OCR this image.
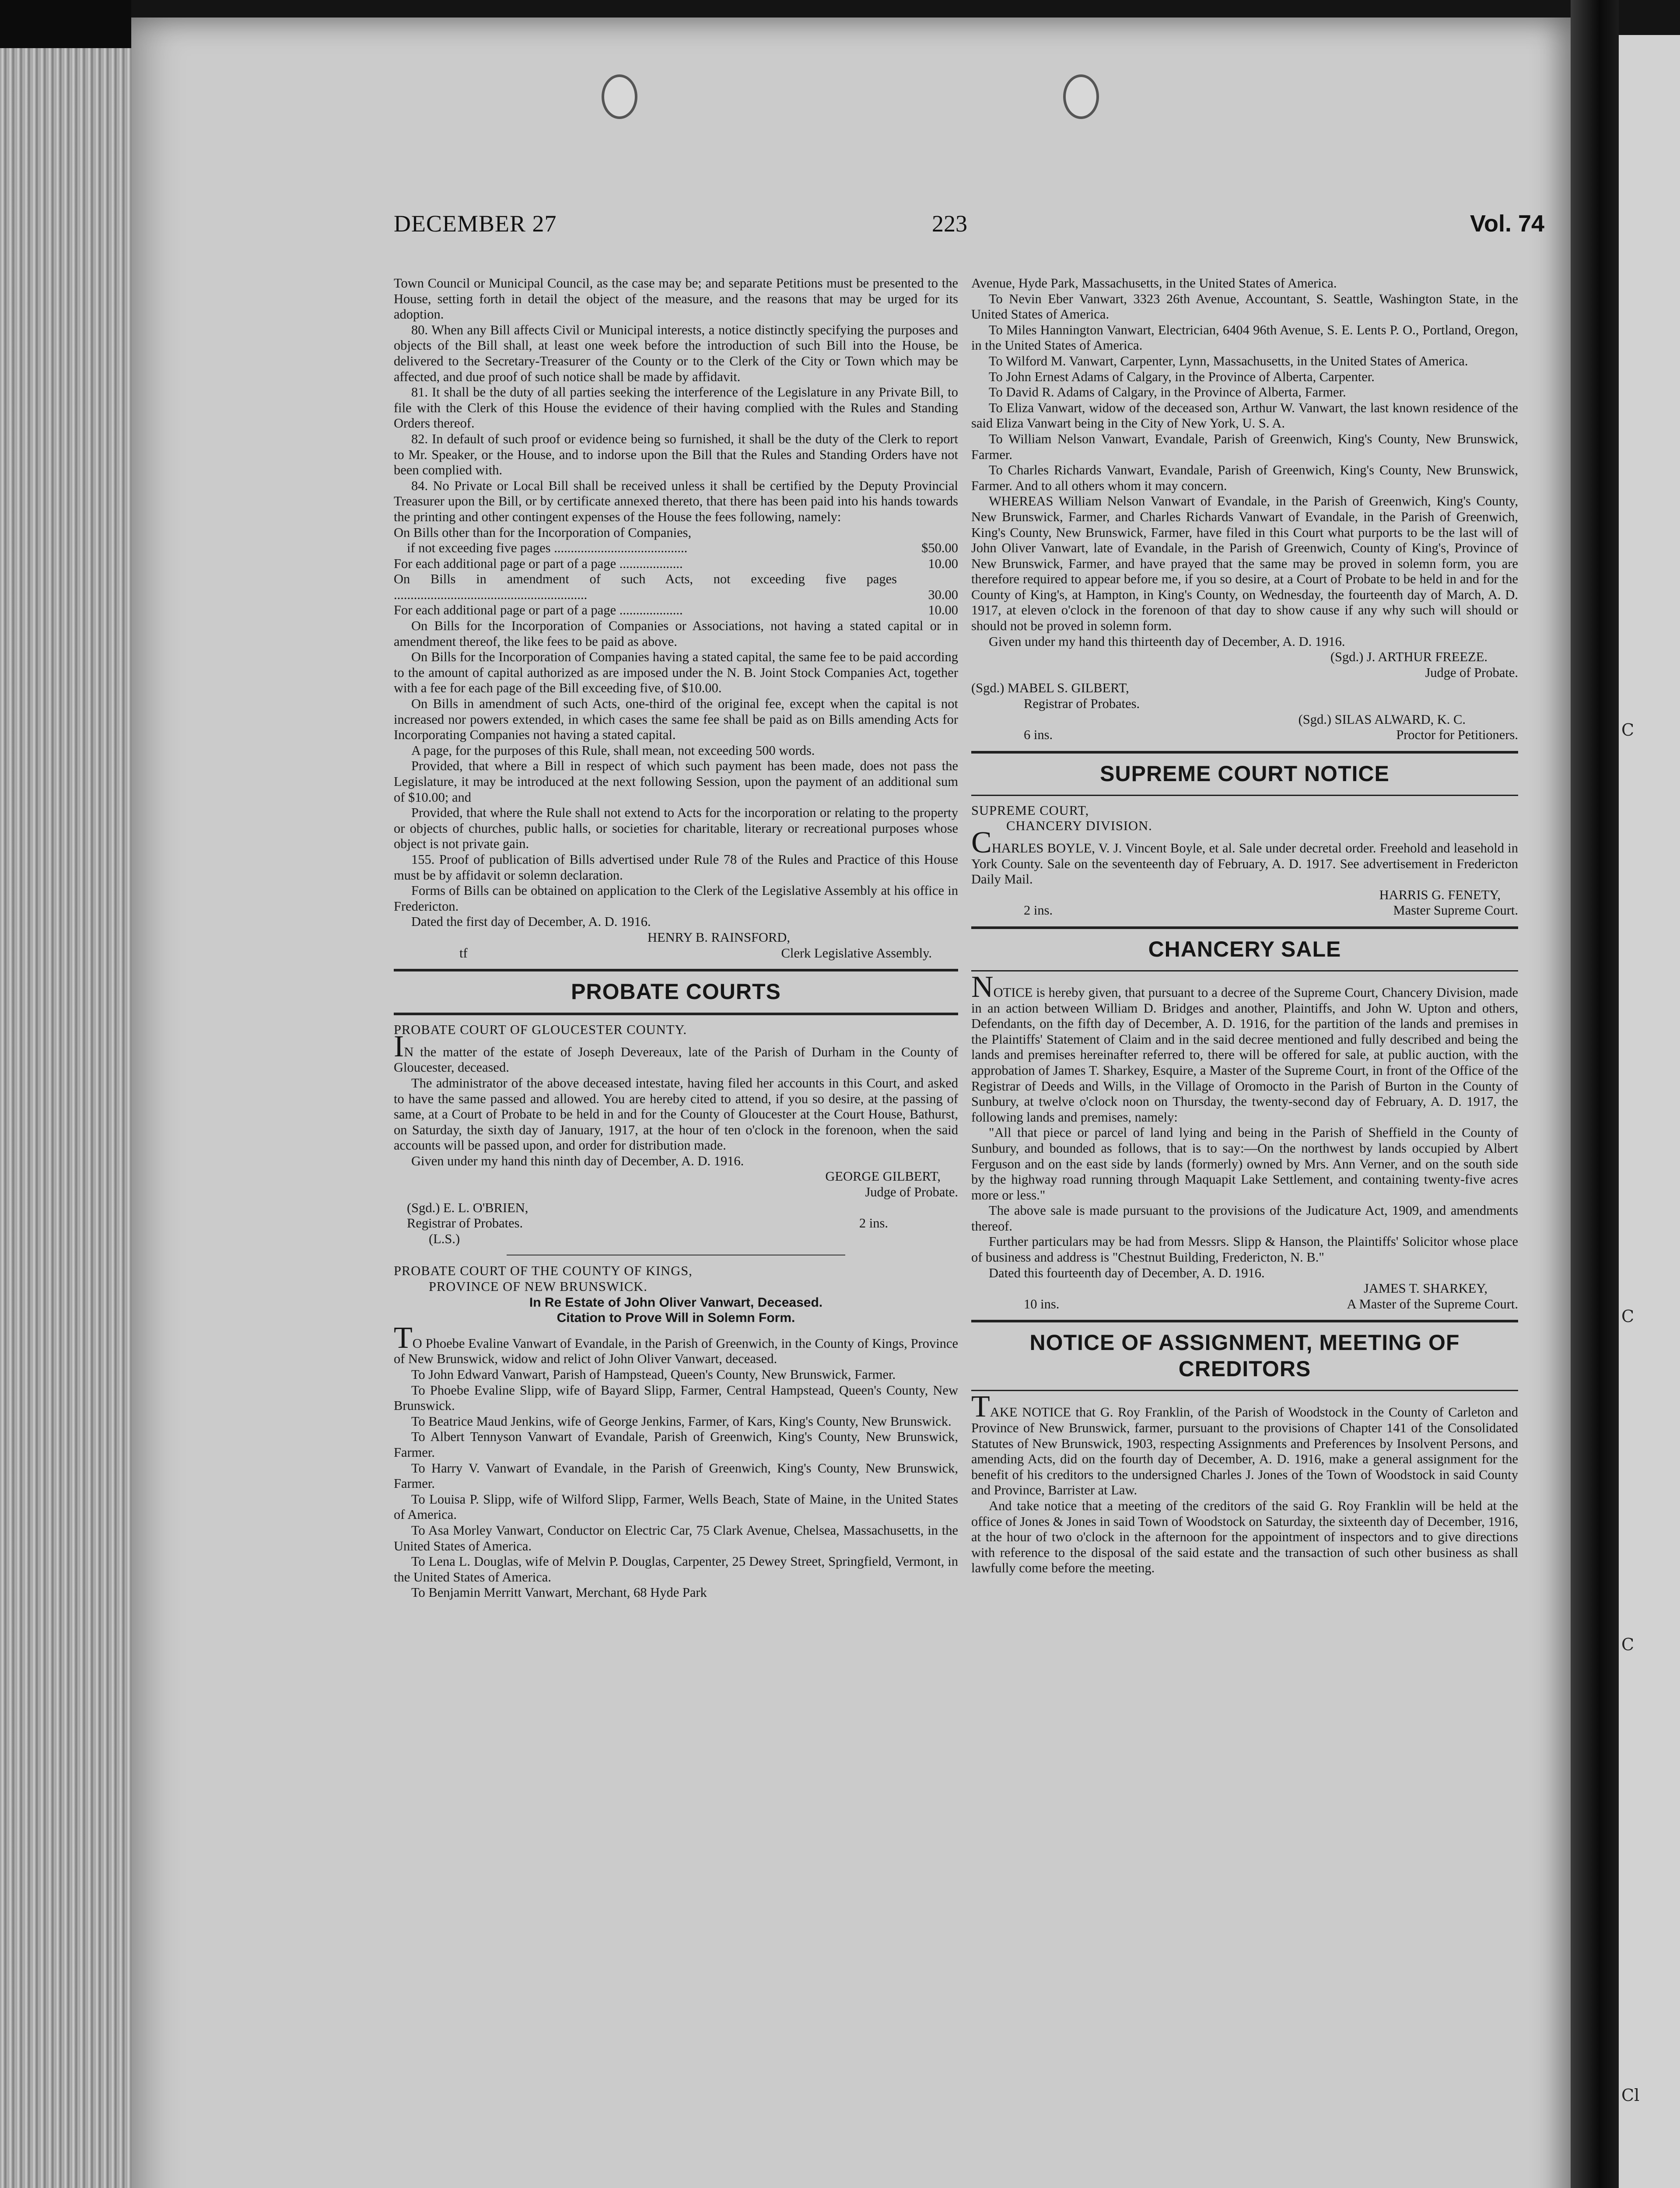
C
C
C
Cl
DECEMBER 27	223	Vol. 74

Town Council or Municipal Council, as the case may be; and separate Petitions must be presented to the House, setting forth in detail the object of the measure, and the reasons that may be urged for its adoption.

80. When any Bill affects Civil or Municipal interests, a notice distinctly specifying the purposes and objects of the Bill shall, at least one week before the introduction of such Bill into the House, be delivered to the Secretary-Treasurer of the County or to the Clerk of the City or Town which may be affected, and due proof of such notice shall be made by affidavit.

81. It shall be the duty of all parties seeking the interference of the Legislature in any Private Bill, to file with the Clerk of this House the evidence of their having complied with the Rules and Standing Orders thereof.

82. In default of such proof or evidence being so furnished, it shall be the duty of the Clerk to report to Mr. Speaker, or the House, and to indorse upon the Bill that the Rules and Standing Orders have not been complied with.

84. No Private or Local Bill shall be received unless it shall be certified by the Deputy Provincial Treasurer upon the Bill, or by certificate annexed thereto, that there has been paid into his hands towards the printing and other contingent expenses of the House the fees following, namely:

On Bills other than for the Incorporation of Companies,

if not exceeding five pages ........................................	$50.00
For each additional page or part of a page ...................	10.00
On Bills in amendment of such Acts, not exceeding five pages ..........................................................	30.00
For each additional page or part of a page ...................	10.00

On Bills for the Incorporation of Companies or Associations, not having a stated capital or in amendment thereof, the like fees to be paid as above.

On Bills for the Incorporation of Companies having a stated capital, the same fee to be paid according to the amount of capital authorized as are imposed under the N. B. Joint Stock Companies Act, together with a fee for each page of the Bill exceeding five, of $10.00.

On Bills in amendment of such Acts, one-third of the original fee, except when the capital is not increased nor powers extended, in which cases the same fee shall be paid as on Bills amending Acts for Incorporating Companies not having a stated capital.

A page, for the purposes of this Rule, shall mean, not exceeding 500 words.

Provided, that where a Bill in respect of which such payment has been made, does not pass the Legislature, it may be introduced at the next following Session, upon the payment of an additional sum of $10.00; and

Provided, that where the Rule shall not extend to Acts for the incorporation or relating to the property or objects of churches, public halls, or societies for charitable, literary or recreational purposes whose object is not private gain.

155. Proof of publication of Bills advertised under Rule 78 of the Rules and Practice of this House must be by affidavit or solemn declaration.

Forms of Bills can be obtained on application to the Clerk of the Legislative Assembly at his office in Fredericton.

Dated the first day of December, A. D. 1916.

HENRY B. RAINSFORD,

tf	Clerk Legislative Assembly.
PROBATE COURTS

PROBATE COURT OF GLOUCESTER COUNTY.

IN the matter of the estate of Joseph Devereaux, late of the Parish of Durham in the County of Gloucester, deceased.

The administrator of the above deceased intestate, having filed her accounts in this Court, and asked to have the same passed and allowed. You are hereby cited to attend, if you so desire, at the passing of same, at a Court of Probate to be held in and for the County of Gloucester at the Court House, Bathurst, on Saturday, the sixth day of January, 1917, at the hour of ten o'clock in the forenoon, when the said accounts will be passed upon, and order for distribution made.

Given under my hand this ninth day of December, A. D. 1916.

GEORGE GILBERT,

Judge of Probate.

(Sgd.) E. L. O'BRIEN,

Registrar of Probates.	2 ins.

(L.S.)

PROBATE COURT OF THE COUNTY OF KINGS,

PROVINCE OF NEW BRUNSWICK.

In Re Estate of John Oliver Vanwart, Deceased.

Citation to Prove Will in Solemn Form.

TO Phoebe Evaline Vanwart of Evandale, in the Parish of Greenwich, in the County of Kings, Province of New Brunswick, widow and relict of John Oliver Vanwart, deceased.

To John Edward Vanwart, Parish of Hampstead, Queen's County, New Brunswick, Farmer.

To Phoebe Evaline Slipp, wife of Bayard Slipp, Farmer, Central Hampstead, Queen's County, New Brunswick.

To Beatrice Maud Jenkins, wife of George Jenkins, Farmer, of Kars, King's County, New Brunswick.

To Albert Tennyson Vanwart of Evandale, Parish of Greenwich, King's County, New Brunswick, Farmer.

To Harry V. Vanwart of Evandale, in the Parish of Greenwich, King's County, New Brunswick, Farmer.

To Louisa P. Slipp, wife of Wilford Slipp, Farmer, Wells Beach, State of Maine, in the United States of America.

To Asa Morley Vanwart, Conductor on Electric Car, 75 Clark Avenue, Chelsea, Massachusetts, in the United States of America.

To Lena L. Douglas, wife of Melvin P. Douglas, Carpenter, 25 Dewey Street, Springfield, Vermont, in the United States of America.

To Benjamin Merritt Vanwart, Merchant, 68 Hyde Park

Avenue, Hyde Park, Massachusetts, in the United States of America.

To Nevin Eber Vanwart, 3323 26th Avenue, Accountant, S. Seattle, Washington State, in the United States of America.

To Miles Hannington Vanwart, Electrician, 6404 96th Avenue, S. E. Lents P. O., Portland, Oregon, in the United States of America.

To Wilford M. Vanwart, Carpenter, Lynn, Massachusetts, in the United States of America.

To John Ernest Adams of Calgary, in the Province of Alberta, Carpenter.

To David R. Adams of Calgary, in the Province of Alberta, Farmer.

To Eliza Vanwart, widow of the deceased son, Arthur W. Vanwart, the last known residence of the said Eliza Vanwart being in the City of New York, U. S. A.

To William Nelson Vanwart, Evandale, Parish of Greenwich, King's County, New Brunswick, Farmer.

To Charles Richards Vanwart, Evandale, Parish of Greenwich, King's County, New Brunswick, Farmer. And to all others whom it may concern.

WHEREAS William Nelson Vanwart of Evandale, in the Parish of Greenwich, King's County, New Brunswick, Farmer, and Charles Richards Vanwart of Evandale, in the Parish of Greenwich, King's County, New Brunswick, Farmer, have filed in this Court what purports to be the last will of John Oliver Vanwart, late of Evandale, in the Parish of Greenwich, County of King's, Province of New Brunswick, Farmer, and have prayed that the same may be proved in solemn form, you are therefore required to appear before me, if you so desire, at a Court of Probate to be held in and for the County of King's, at Hampton, in King's County, on Wednesday, the fourteenth day of March, A. D. 1917, at eleven o'clock in the forenoon of that day to show cause if any why such will should or should not be proved in solemn form.

Given under my hand this thirteenth day of December, A. D. 1916.

(Sgd.) J. ARTHUR FREEZE.

Judge of Probate.

(Sgd.) MABEL S. GILBERT,

Registrar of Probates.

(Sgd.) SILAS ALWARD, K. C.

6 ins.	Proctor for Petitioners.
SUPREME COURT NOTICE

SUPREME COURT,

CHANCERY DIVISION.

CHARLES BOYLE, V. J. Vincent Boyle, et al. Sale under decretal order. Freehold and leasehold in York County. Sale on the seventeenth day of February, A. D. 1917. See advertisement in Fredericton Daily Mail.

HARRIS G. FENETY,

2 ins.	Master Supreme Court.
CHANCERY SALE

NOTICE is hereby given, that pursuant to a decree of the Supreme Court, Chancery Division, made in an action between William D. Bridges and another, Plaintiffs, and John W. Upton and others, Defendants, on the fifth day of December, A. D. 1916, for the partition of the lands and premises in the Plaintiffs' Statement of Claim and in the said decree mentioned and fully described and being the lands and premises hereinafter referred to, there will be offered for sale, at public auction, with the approbation of James T. Sharkey, Esquire, a Master of the Supreme Court, in front of the Office of the Registrar of Deeds and Wills, in the Village of Oromocto in the Parish of Burton in the County of Sunbury, at twelve o'clock noon on Thursday, the twenty-second day of February, A. D. 1917, the following lands and premises, namely:

"All that piece or parcel of land lying and being in the Parish of Sheffield in the County of Sunbury, and bounded as follows, that is to say:—On the northwest by lands occupied by Albert Ferguson and on the east side by lands (formerly) owned by Mrs. Ann Verner, and on the south side by the highway road running through Maquapit Lake Settlement, and containing twenty-five acres more or less."

The above sale is made pursuant to the provisions of the Judicature Act, 1909, and amendments thereof.

Further particulars may be had from Messrs. Slipp & Hanson, the Plaintiffs' Solicitor whose place of business and address is "Chestnut Building, Fredericton, N. B."

Dated this fourteenth day of December, A. D. 1916.

JAMES T. SHARKEY,

10 ins.	A Master of the Supreme Court.
NOTICE OF ASSIGNMENT, MEETING OF CREDITORS

TAKE NOTICE that G. Roy Franklin, of the Parish of Woodstock in the County of Carleton and Province of New Brunswick, farmer, pursuant to the provisions of Chapter 141 of the Consolidated Statutes of New Brunswick, 1903, respecting Assignments and Preferences by Insolvent Persons, and amending Acts, did on the fourth day of December, A. D. 1916, make a general assignment for the benefit of his creditors to the undersigned Charles J. Jones of the Town of Woodstock in said County and Province, Barrister at Law.

And take notice that a meeting of the creditors of the said G. Roy Franklin will be held at the office of Jones & Jones in said Town of Woodstock on Saturday, the sixteenth day of December, 1916, at the hour of two o'clock in the afternoon for the appointment of inspectors and to give directions with reference to the disposal of the said estate and the transaction of such other business as shall lawfully come before the meeting.
